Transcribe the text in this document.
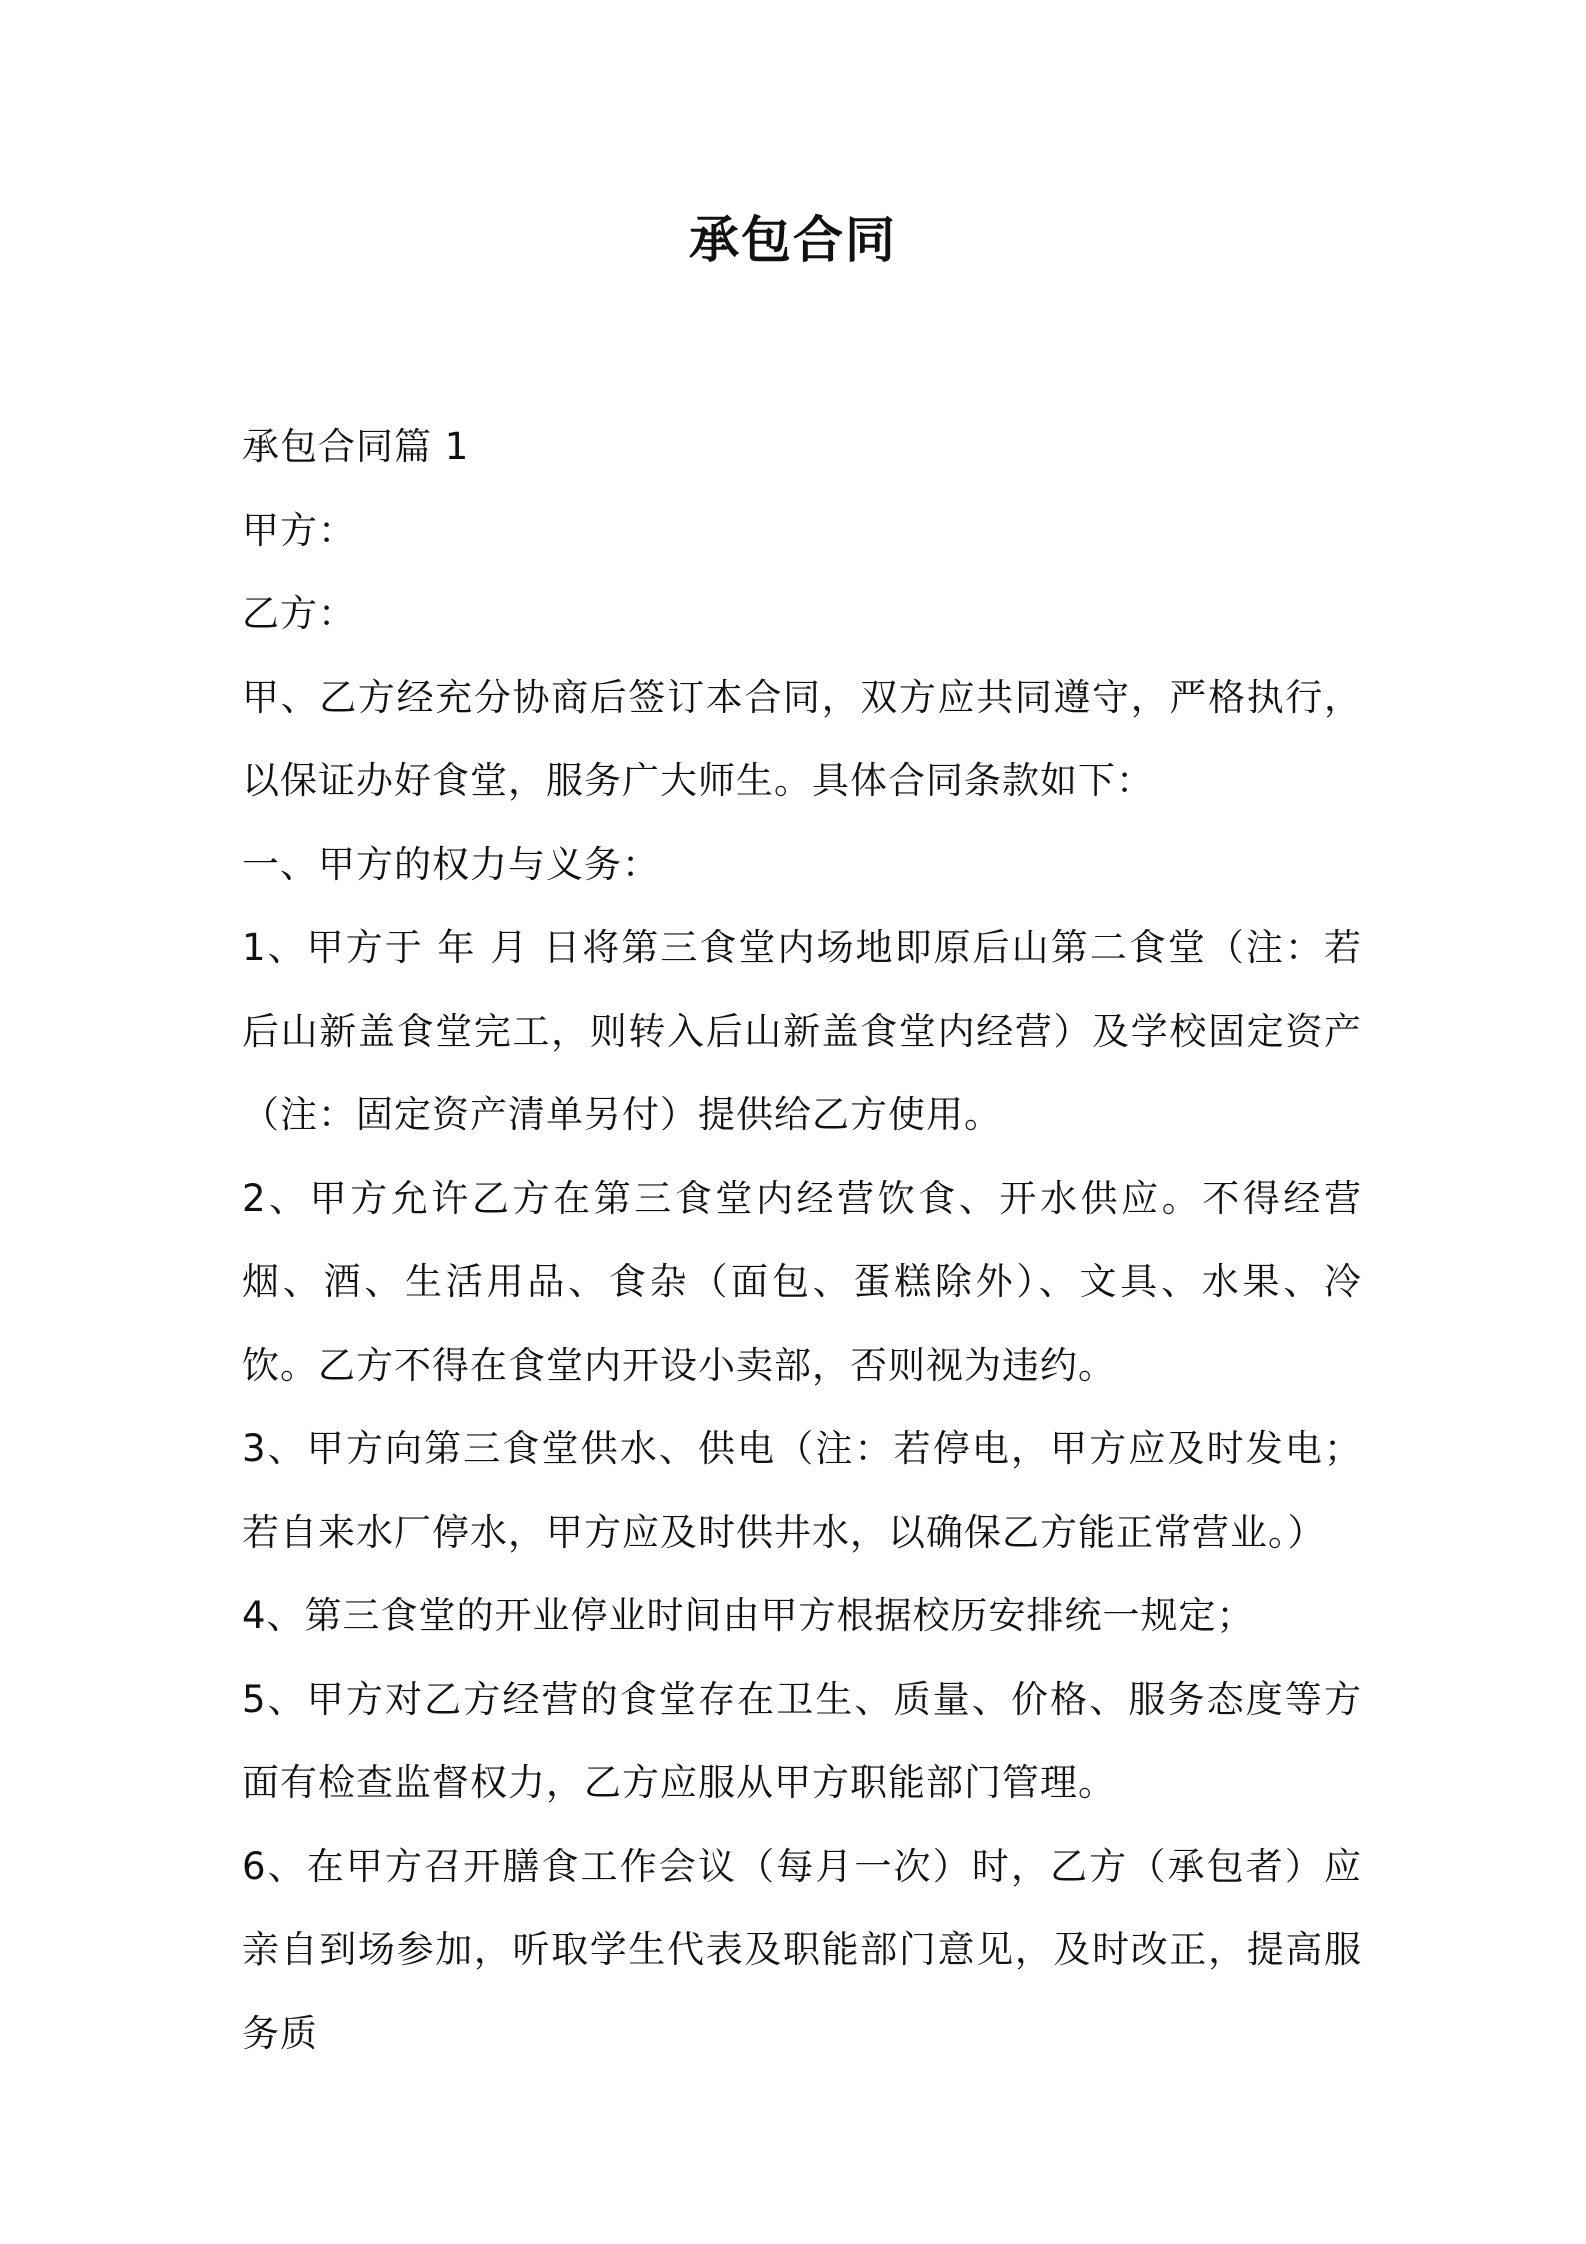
承包合同

承包合同篇 1

甲方：

乙方：

甲、乙方经充分协商后签订本合同，双方应共同遵守，严格执行，以保证办好食堂，服务广大师生。具体合同条款如下：

一、甲方的权力与义务：

1、甲方于 年 月 日将第三食堂内场地即原后山第二食堂（注：若后山新盖食堂完工，则转入后山新盖食堂内经营）及学校固定资产（注：固定资产清单另付）提供给乙方使用。

2、甲方允许乙方在第三食堂内经营饮食、开水供应。不得经营烟、酒、生活用品、食杂（面包、蛋糕除外）、文具、水果、冷饮。乙方不得在食堂内开设小卖部，否则视为违约。

3、甲方向第三食堂供水、供电（注：若停电，甲方应及时发电；若自来水厂停水，甲方应及时供井水，以确保乙方能正常营业。）

4、第三食堂的开业停业时间由甲方根据校历安排统一规定；

5、甲方对乙方经营的食堂存在卫生、质量、价格、服务态度等方面有检查监督权力，乙方应服从甲方职能部门管理。

6、在甲方召开膳食工作会议（每月一次）时，乙方（承包者）应亲自到场参加，听取学生代表及职能部门意见，及时改正，提高服务质
